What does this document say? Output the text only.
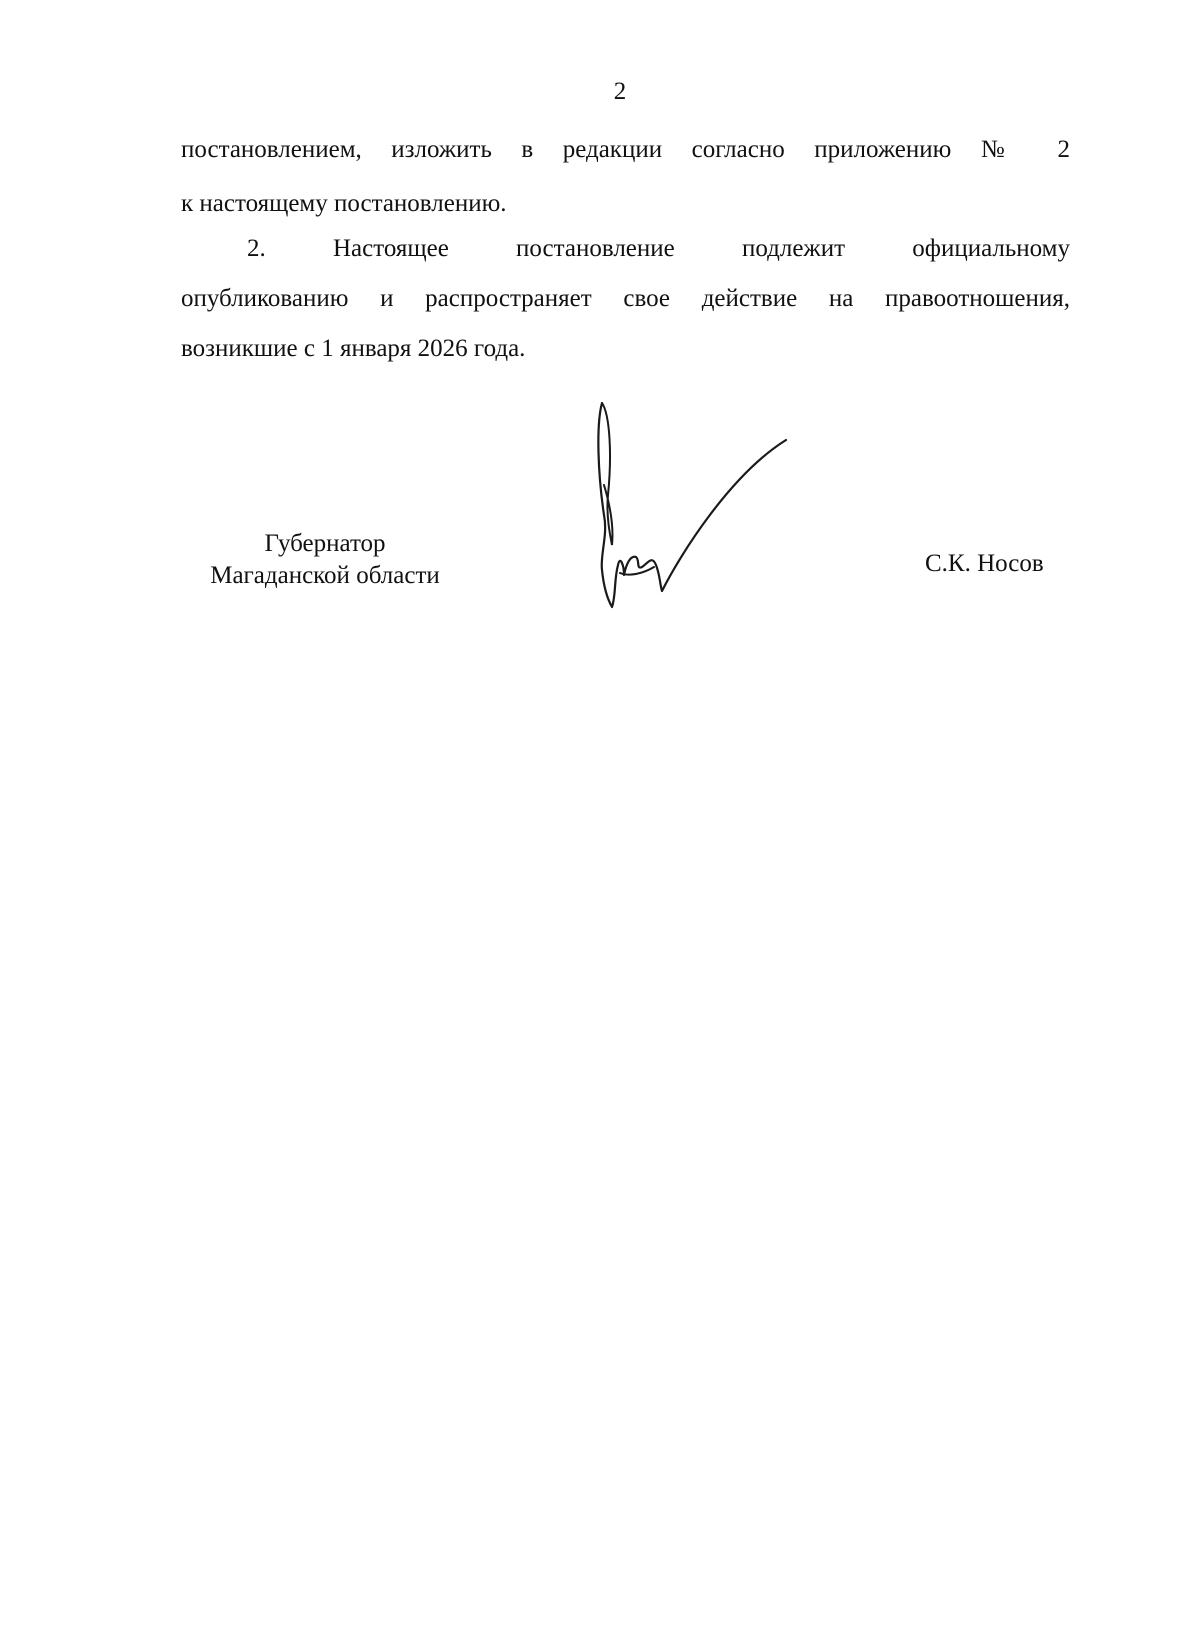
2
постановлением, изложить в редакции согласно приложению № 2
к настоящему постановлению.
2. Настоящее постановление подлежит официальному
опубликованию и распространяет свое действие на правоотношения,
возникшие с 1 января 2026 года.
Губернатор
Магаданской области	С.К. Носов
